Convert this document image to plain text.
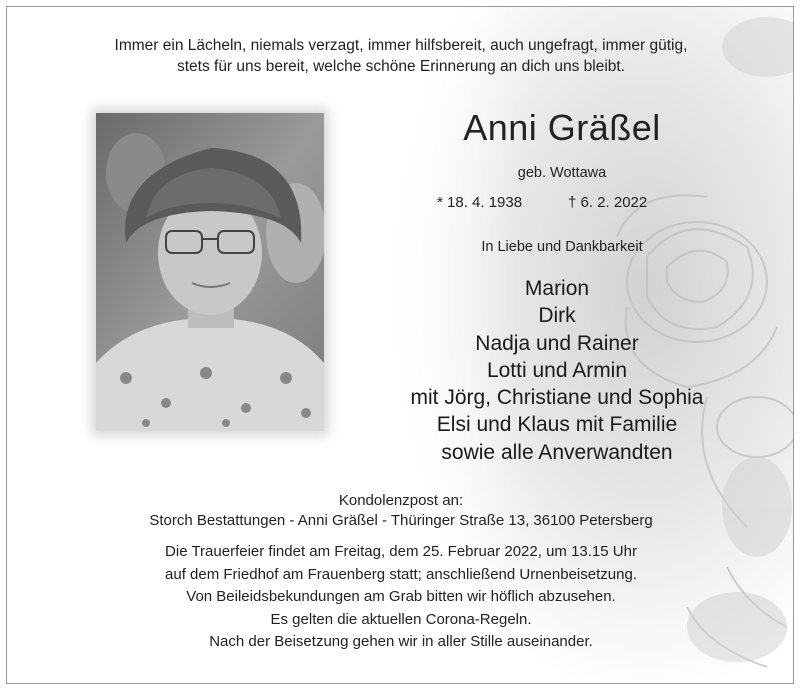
Immer ein Lächeln, niemals verzagt, immer hilfsbereit, auch ungefragt, immer gütig,
stets für uns bereit, welche schöne Erinnerung an dich uns bleibt.
Anni Gräßel
geb. Wottawa
* 18. 4. 1938	† 6. 2. 2022
In Liebe und Dankbarkeit
Marion
Dirk
Nadja und Rainer
Lotti und Armin
mit Jörg, Christiane und Sophia
Elsi und Klaus mit Familie
sowie alle Anverwandten
Kondolenzpost an:
Storch Bestattungen - Anni Gräßel - Thüringer Straße 13, 36100 Petersberg
Die Trauerfeier findet am Freitag, dem 25. Februar 2022, um 13.15 Uhr
auf dem Friedhof am Frauenberg statt; anschließend Urnenbeisetzung.
Von Beileidsbekundungen am Grab bitten wir höflich abzusehen.
Es gelten die aktuellen Corona-Regeln.
Nach der Beisetzung gehen wir in aller Stille auseinander.
